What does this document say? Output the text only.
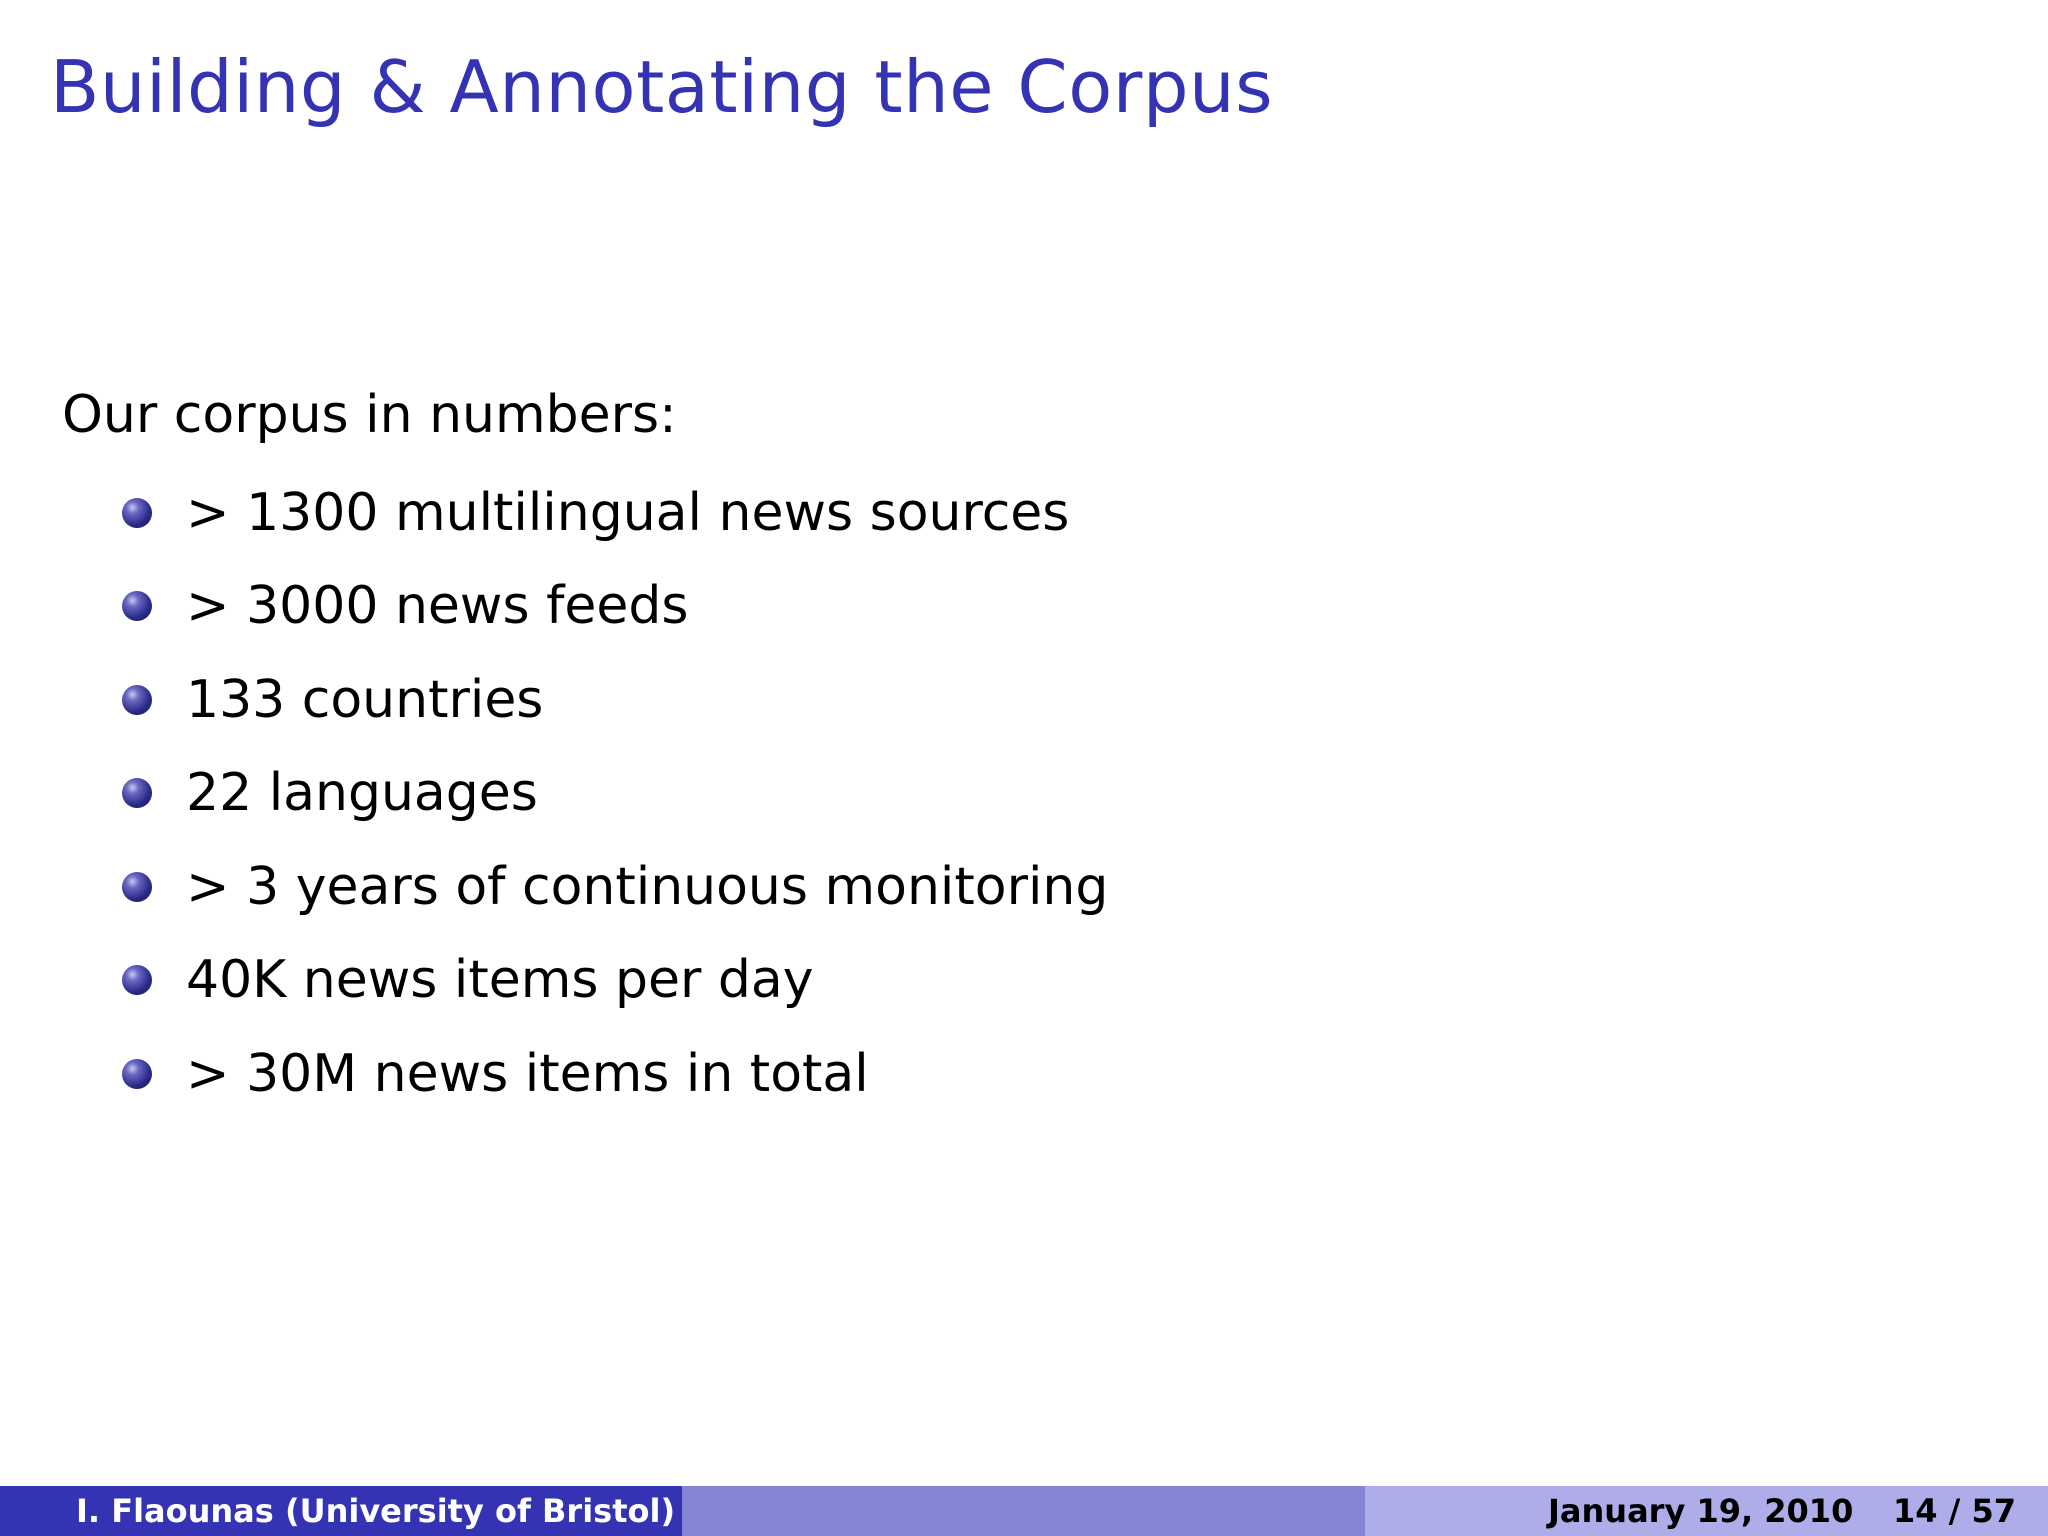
Building & Annotating the Corpus
Our corpus in numbers:
> 1300 multilingual news sources
> 3000 news feeds
133 countries
22 languages
> 3 years of continuous monitoring
40K news items per day
> 30M news items in total
I. Flaounas (University of Bristol)	January 19, 2010 14 / 57
